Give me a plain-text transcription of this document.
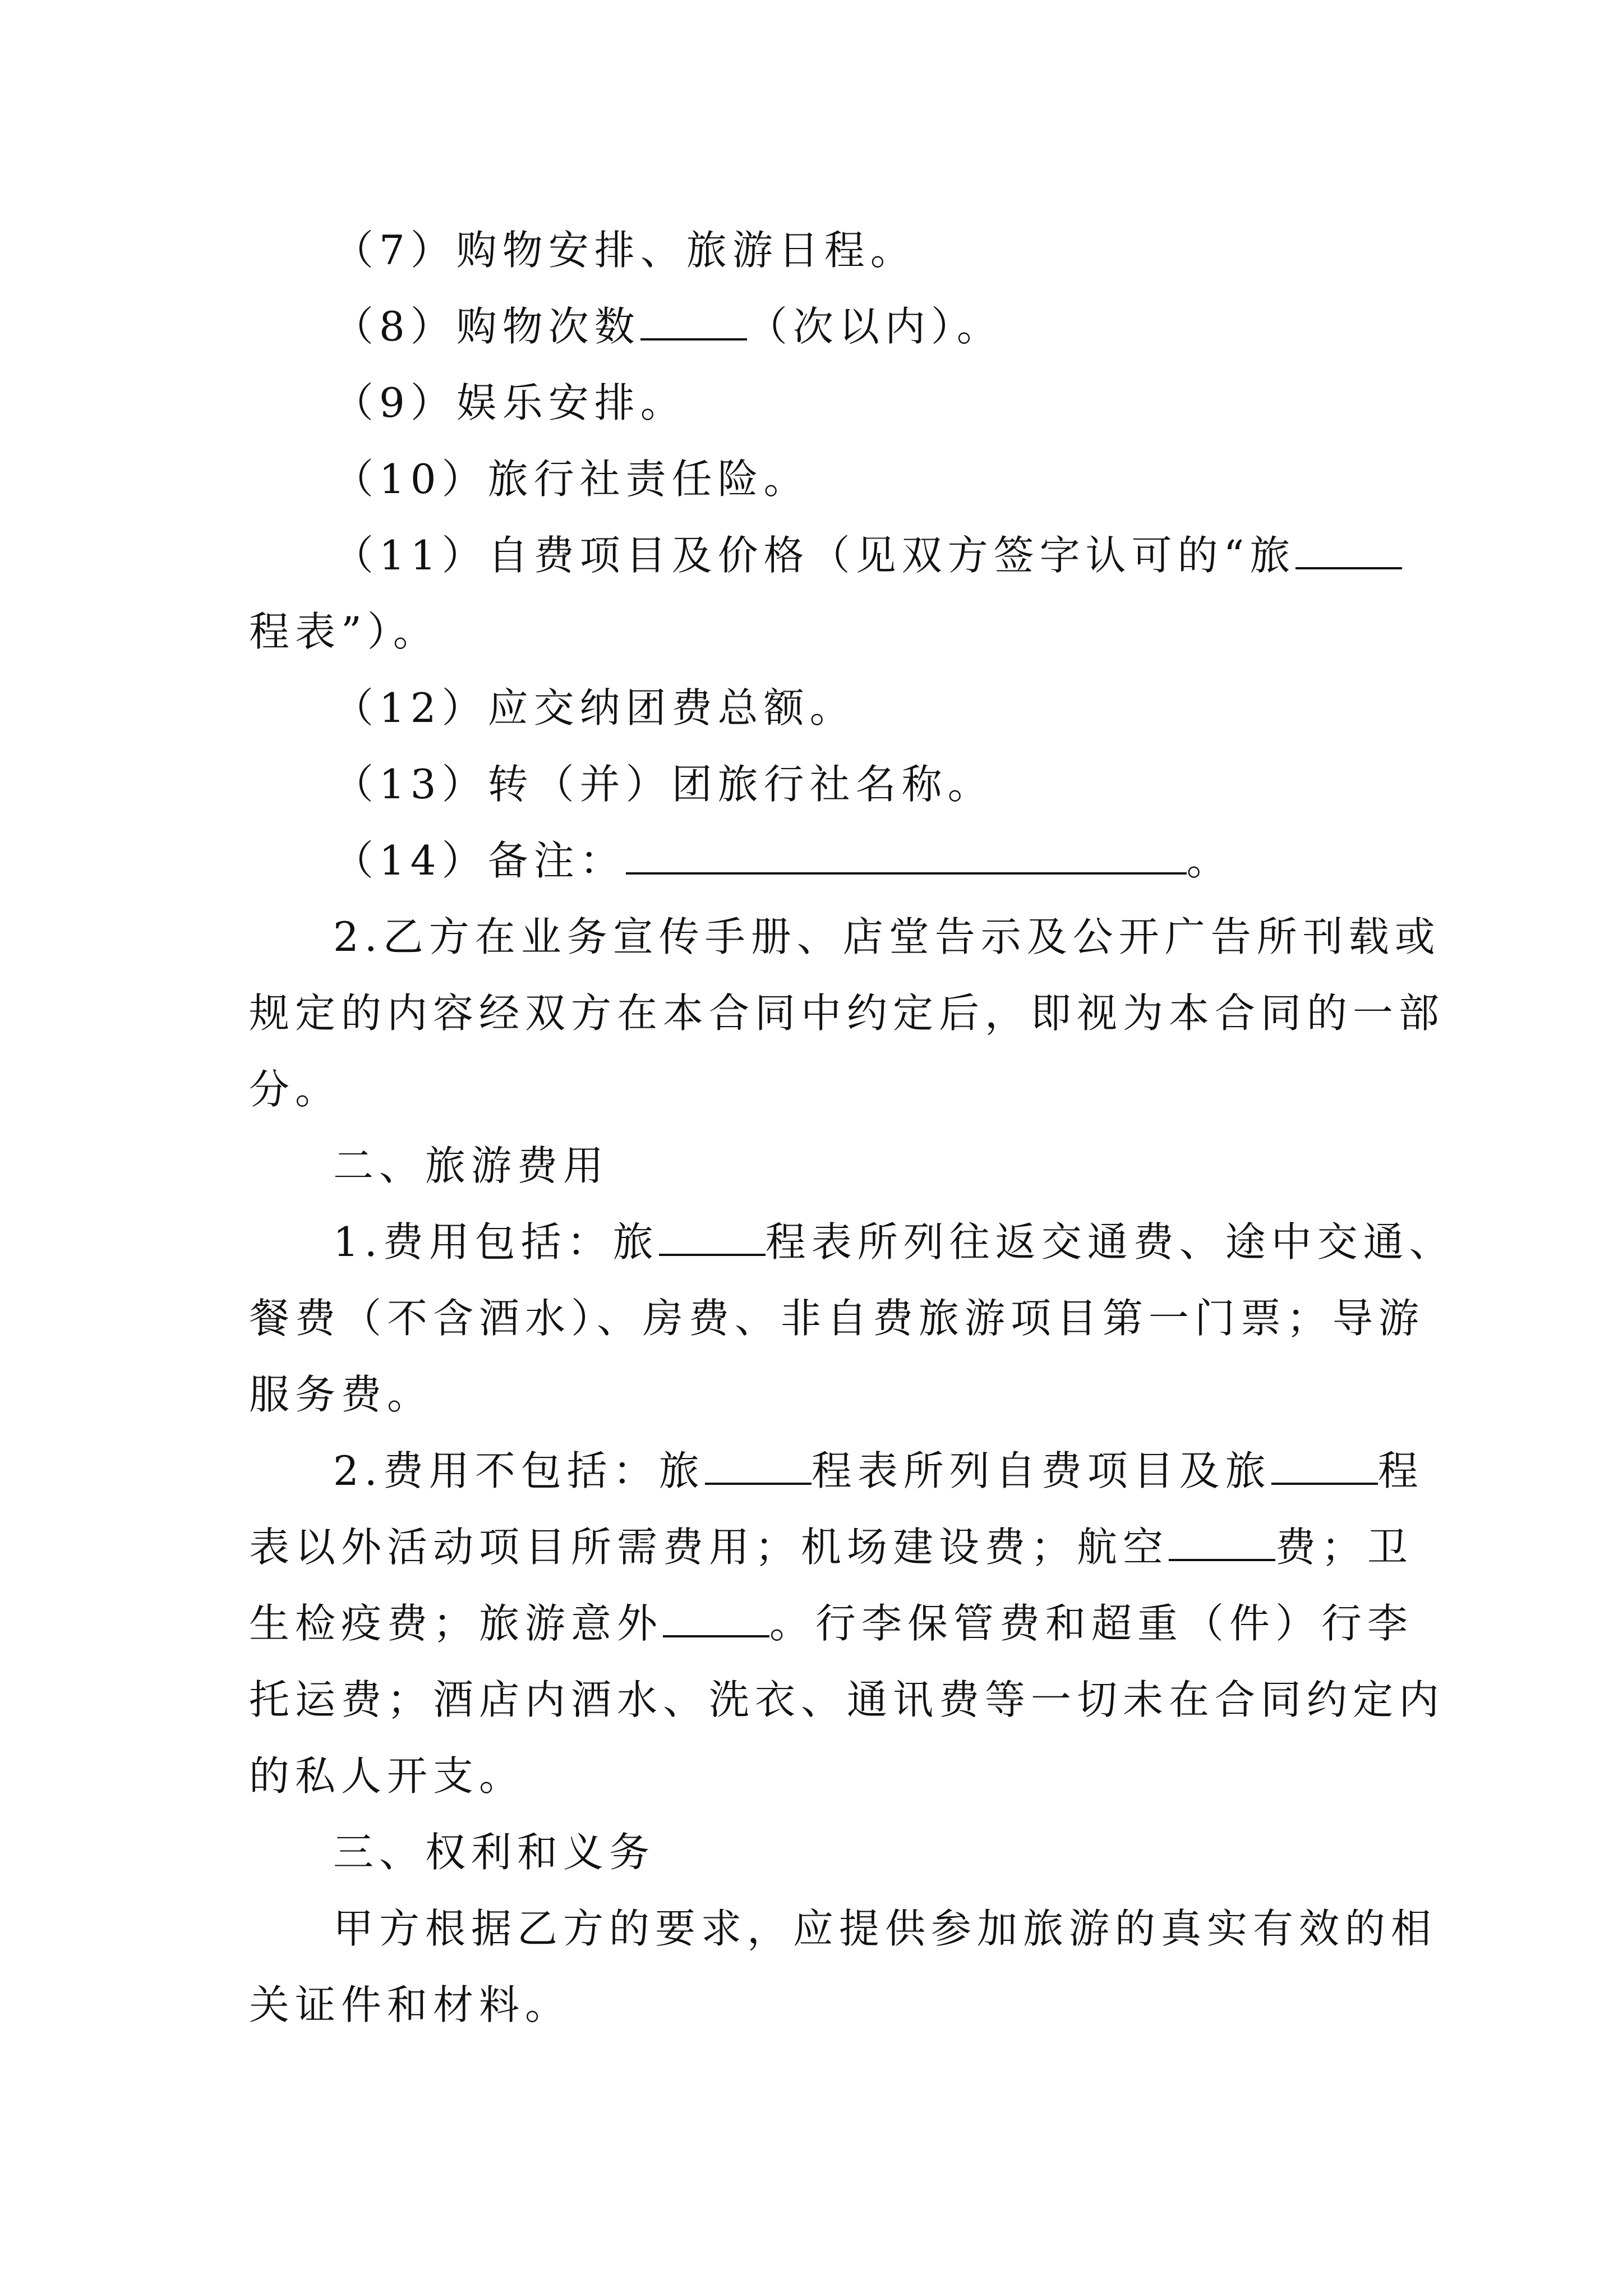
（7）购物安排、旅游日程。

（8）购物次数	（次以内）。

（9）娱乐安排。

（10）旅行社责任险。

（11）自费项目及价格（见双方签字认可的“旅

程表”）。

（12）应交纳团费总额。

（13）转（并）团旅行社名称。

（14）备注：	。

2.乙方在业务宣传手册、店堂告示及公开广告所刊载或

规定的内容经双方在本合同中约定后，即视为本合同的一部

分。

二、旅游费用

1.费用包括：旅	程表所列往返交通费、途中交通、

餐费（不含酒水）、房费、非自费旅游项目第一门票；导游

服务费。

2.费用不包括：旅	程表所列自费项目及旅	程

表以外活动项目所需费用；机场建设费；航空	费；卫

生检疫费；旅游意外	。行李保管费和超重（件）行李

托运费；酒店内酒水、洗衣、通讯费等一切未在合同约定内

的私人开支。

三、权利和义务

甲方根据乙方的要求，应提供参加旅游的真实有效的相

关证件和材料。
